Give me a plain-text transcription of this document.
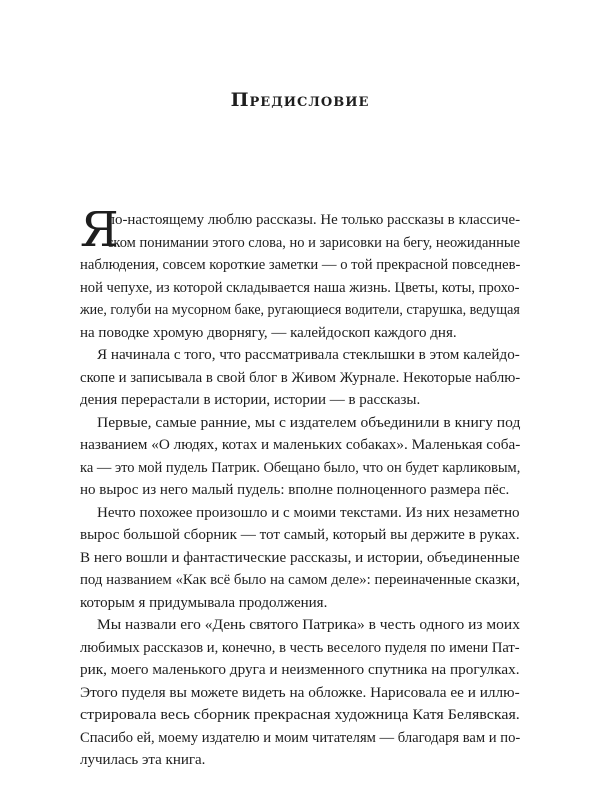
Предисловие
Я
по-настоящему люблю рассказы. Не только рассказы в классиче-
ском понимании этого слова, но и зарисовки на бегу, неожиданные
наблюдения, совсем короткие заметки — о той прекрасной повседнев-
ной чепухе, из которой складывается наша жизнь. Цветы, коты, прохо-
жие, голуби на мусорном баке, ругающиеся водители, старушка, ведущая
на поводке хромую дворнягу, — калейдоскоп каждого дня.
Я начинала с того, что рассматривала стеклышки в этом калейдо-
скопе и записывала в свой блог в Живом Журнале. Некоторые наблю-
дения перерастали в истории, истории — в рассказы.
Первые, самые ранние, мы с издателем объединили в книгу под
названием «О людях, котах и маленьких собаках». Маленькая соба-
ка — это мой пудель Патрик. Обещано было, что он будет карликовым,
но вырос из него малый пудель: вполне полноценного размера пёс.
Нечто похожее произошло и с моими текстами. Из них незаметно
вырос большой сборник — тот самый, который вы держите в руках.
В него вошли и фантастические рассказы, и истории, объединенные
под названием «Как всё было на самом деле»: переиначенные сказки,
которым я придумывала продолжения.
Мы назвали его «День святого Патрика» в честь одного из моих
любимых рассказов и, конечно, в честь веселого пуделя по имени Пат-
рик, моего маленького друга и неизменного спутника на прогулках.
Этого пуделя вы можете видеть на обложке. Нарисовала ее и иллю-
стрировала весь сборник прекрасная художница Катя Белявская.
Спасибо ей, моему издателю и моим читателям — благодаря вам и по-
лучилась эта книга.
